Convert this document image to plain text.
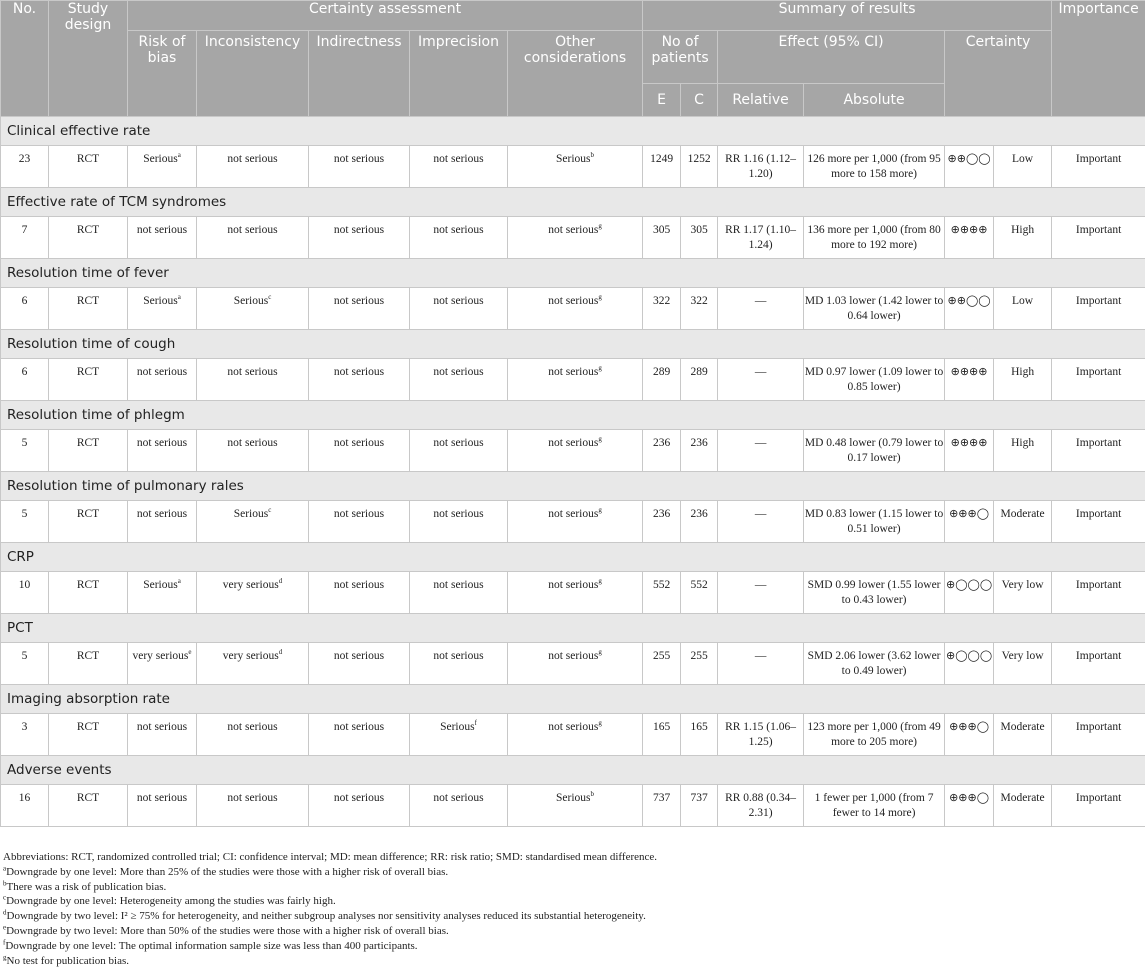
No.	Study design	Certainty assessment					Summary of results						Importance
		Risk of bias	Inconsistency	Indirectness	Imprecision	Other considerations	No of patients		Effect (95% CI)		Certainty		
							E	C	Relative	Absolute			
Clinical effective rate													
23	RCT	Serious$^a$	not serious	not serious	not serious	Serious$^b$	1249	1252	RR 1.16 (1.12–1.20)	126 more per 1,000 (from 95 more to 158 more)	⊕⊕◯◯	Low	Important
Effective rate of TCM syndromes													
7	RCT	not serious	not serious	not serious	not serious	not serious$^g$	305	305	RR 1.17 (1.10–1.24)	136 more per 1,000 (from 80 more to 192 more)	⊕⊕⊕⊕	High	Important
Resolution time of fever													
6	RCT	Serious$^a$	Serious$^c$	not serious	not serious	not serious$^g$	322	322	—	MD 1.03 lower (1.42 lower to 0.64 lower)	⊕⊕◯◯	Low	Important
Resolution time of cough													
6	RCT	not serious	not serious	not serious	not serious	not serious$^g$	289	289	—	MD 0.97 lower (1.09 lower to 0.85 lower)	⊕⊕⊕⊕	High	Important
Resolution time of phlegm													
5	RCT	not serious	not serious	not serious	not serious	not serious$^g$	236	236	—	MD 0.48 lower (0.79 lower to 0.17 lower)	⊕⊕⊕⊕	High	Important
Resolution time of pulmonary rales													
5	RCT	not serious	Serious$^c$	not serious	not serious	not serious$^g$	236	236	—	MD 0.83 lower (1.15 lower to 0.51 lower)	⊕⊕⊕◯	Moderate	Important
CRP													
10	RCT	Serious$^a$	very serious$^d$	not serious	not serious	not serious$^g$	552	552	—	SMD 0.99 lower (1.55 lower to 0.43 lower)	⊕◯◯◯	Very low	Important
PCT													
5	RCT	very serious$^e$	very serious$^d$	not serious	not serious	not serious$^g$	255	255	—	SMD 2.06 lower (3.62 lower to 0.49 lower)	⊕◯◯◯	Very low	Important
Imaging absorption rate													
3	RCT	not serious	not serious	not serious	Serious$^f$	not serious$^g$	165	165	RR 1.15 (1.06–1.25)	123 more per 1,000 (from 49 more to 205 more)	⊕⊕⊕◯	Moderate	Important
Adverse events													
16	RCT	not serious	not serious	not serious	not serious	Serious$^b$	737	737	RR 0.88 (0.34–2.31)	1 fewer per 1,000 (from 7 fewer to 14 more)	⊕⊕⊕◯	Moderate	Important
Abbreviations: RCT, randomized controlled trial; CI: confidence interval; MD: mean difference; RR: risk ratio; SMD: standardised mean difference.
$^a$Downgrade by one level: More than 25% of the studies were those with a higher risk of overall bias.
$^b$There was a risk of publication bias.
$^c$Downgrade by one level: Heterogeneity among the studies was fairly high.
$^d$Downgrade by two level: I² ≥ 75% for heterogeneity, and neither subgroup analyses nor sensitivity analyses reduced its substantial heterogeneity.
$^e$Downgrade by two level: More than 50% of the studies were those with a higher risk of overall bias.
$^f$Downgrade by one level: The optimal information sample size was less than 400 participants.
$^g$No test for publication bias.
